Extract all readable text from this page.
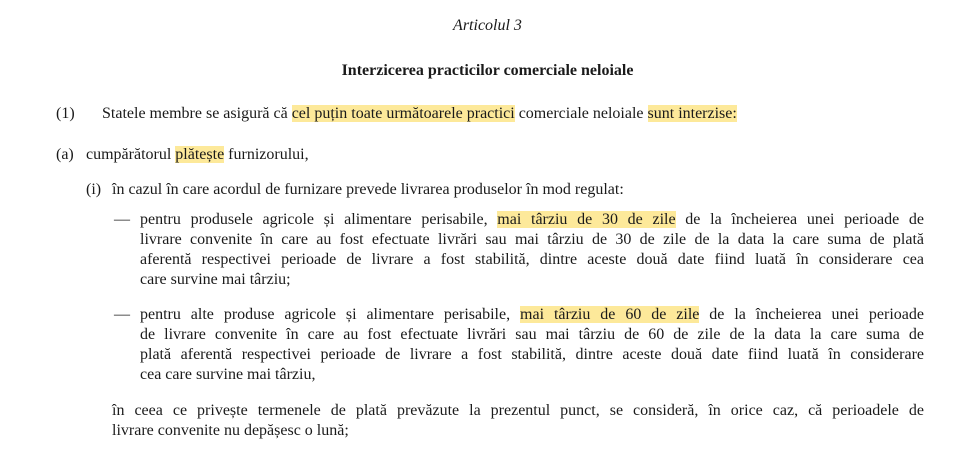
Articolul 3
Interzicerea practicilor comerciale neloiale
(1) Statele membre se asigură că cel puțin toate următoarele practici comerciale neloiale sunt interzise:
(a) cumpărătorul plătește furnizorului,
(i) în cazul în care acordul de furnizare prevede livrarea produselor în mod regulat:
— pentru produsele agricole și alimentare perisabile, mai târziu de 30 de zile de la încheierea unei perioade de
livrare convenite în care au fost efectuate livrări sau mai târziu de 30 de zile de la data la care suma de plată
aferentă respectivei perioade de livrare a fost stabilită, dintre aceste două date fiind luată în considerare cea
care survine mai târziu;
— pentru alte produse agricole și alimentare perisabile, mai târziu de 60 de zile de la încheierea unei perioade
de livrare convenite în care au fost efectuate livrări sau mai târziu de 60 de zile de la data la care suma de
plată aferentă respectivei perioade de livrare a fost stabilită, dintre aceste două date fiind luată în considerare
cea care survine mai târziu,
în ceea ce privește termenele de plată prevăzute la prezentul punct, se consideră, în orice caz, că perioadele de
livrare convenite nu depășesc o lună;
